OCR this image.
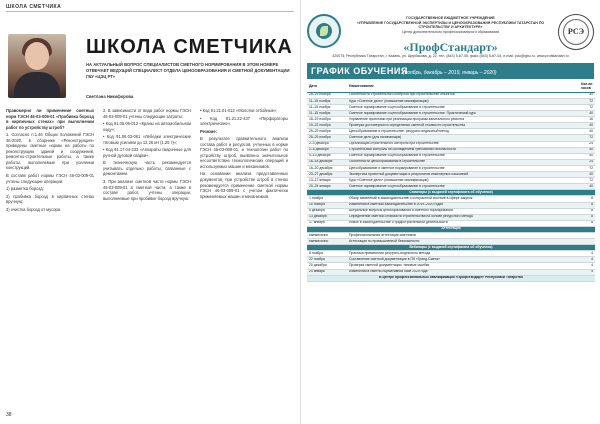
ШКОЛА СМЕТЧИКА
ШКОЛА СМЕТЧИКА
НА АКТУАЛЬНЫЙ ВОПРОС СПЕЦИАЛИСТОВ СМЕТНОГО НОРМИРОВАНИЯ В ЭТОМ НОМЕРЕ ОТВЕЧАЕТ ВЕДУЩИЙ СПЕЦИАЛИСТ ОТДЕЛА ЦЕНООБРАЗОВАНИЯ И СМЕТНОЙ ДОКУМЕНТАЦИИ ГБУ «ЦЭЦ РТ»
Светлана Никифорова

Правомерно ли применение сметных норм ГЭСН 46-03-009-01 «Пробивка борозд в кирпичных стенах» при выполнении работ по устройству штроб?

1. Согласно п.1.46 Общих положений ГЭСН 46-2020, в сборнике «Реконструкция» приведены сметные нормы на работы по реконструкции зданий и сооружений, ремонтно-строительные работы, а также работы, выполняемые при усилении конструкций.

В составе работ нормы ГЭСН 46-03-009-01 учтены следующие операции:

1) разметка борозд;

2) пробивка борозд в кирпичных стенах вручную;

3) очистка борозд от мусора.

2. В зависимости от вида работ нормы ГЭСН 46-03-009-01 учтены следующие затраты:

• Код 91.05.06-012 «Краны на автомобильном ходу»;

• Код 91.06.03-061 «Лебедки электрические тяговым усилием до 12,26 кН (1,25 т)»;

• Код 91.17.04-233 «Аппараты сварочные для ручной дуговой сварки».

В техническую часть рекомендуется учитывать отдельно работы, связанные с демонтажем.

3. При анализе сметной части нормы ГЭСН 46-03-009-01 в сметной части, а также в составе работ, учтены операции, выполняемые при пробивке борозд вручную.

• Код 91.21.01-012 «Молотки отбойные»;

• Код 91.21.22-437 «Перфораторы электрические».

Резюме:

В результате сравнительного анализа состава работ и ресурсов, учтенных в норме ГЭСН 46-03-009-01, и технологии работ по устройству штроб, выявлено значительное несоответствие технологических операций и используемых машин и механизмов.

На основании анализа представленных документов, при устройстве штроб в стенах рекомендуется применение сметной нормы ГЭСН 46-03-009-01 с учетом фактически применяемых машин и механизмов.

38
РСЭ
ГОСУДАРСТВЕННОЕ БЮДЖЕТНОЕ УЧРЕЖДЕНИЕ
«УПРАВЛЕНИЕ ГОСУДАРСТВЕННОЙ ЭКСПЕРТИЗЫ И ЦЕНООБРАЗОВАНИЯ РЕСПУБЛИКИ ТАТАРСТАН ПО СТРОИТЕЛЬСТВУ И АРХИТЕКТУРЕ»
Центр дополнительного профессионального образования
«ПрофСтандарт»
420075, Республика Татарстан, г. Казань, ул. Щербакова, д. 22, тел. (843) 5-67-05, факс (843) 5-67-04, e-mail: pdo@gbu.ru, www.profstandart.ru
ГРАФИК ОБУЧЕНИЯ
(ноябрь, декабрь – 2019, январь – 2020)
Дата	Наименование	Кол-во часов
28–29 ноября	Особенности строительного контроля при строительстве объектов	40
11–15 ноября	Курс «Сметное дело» (повышение квалификации)	72
11–15 ноября	Сметное нормирование и ценообразование в строительстве	72
11–15 ноября	Сметное нормирование и ценообразование в строительстве. Практический курс	40
18–19 ноября	Управление проектами при реализации программ капитального ремонта	16
19–22 ноября	Проверка достоверности определения сметной стоимости строительства	40
25–29 ноября	Ценообразование в строительстве: ресурсно-индексный метод	40
25–29 ноября	Сметное дело (для начинающих)	72
2–4 декабря	Организация строительного контроля при строительстве	24
2–6 декабря	Строительный контроль за соблюдением требований безопасности	40
9–13 декабря	Сметное нормирование и ценообразование в строительстве	40
16–18 декабря	Особенности ценообразования в строительстве	24
16–20 декабря	Ценообразование и сметное нормирование в строительстве	72
23–27 декабря	Экспертиза проектной документации и результатов инженерных изысканий	40
13–17 января	Курс «Сметное дело» (повышение квалификации)	72
20–24 января	Сметное нормирование и ценообразование в строительстве	40
Семинары (с выдачей сертификата об обучении)		
1 ноября	Обзор изменений в законодательстве о контрактной системе в сфере закупок	8
15 ноября	Изменения в сметном законодательстве в 2019–2020 годах	8
6 декабря	Актуальные вопросы ценообразования и сметного нормирования	8
13 декабря	Определение сметной стоимости строительства на основе ресурсного метода	8
17 января	Новое в законодательстве о градостроительной деятельности	8
Аттестация		
ежемесячно	Профессиональная аттестация сметчиков	
ежемесячно	Аттестация по промышленной безопасности	
Вебинары (с выдачей сертификата об обучении)		
8 ноября	Практика применения ресурсно-индексного метода	4
22 ноября	Составление сметной документации в ПК «Гранд-Смета»	4
20 декабря	Проверка сметной документации: типовые ошибки	4
24 января	Изменения в сметно-нормативной базе 2020 года	4
В центре профессиональных квалификаций «Профстандарт» Республики Татарстан		
